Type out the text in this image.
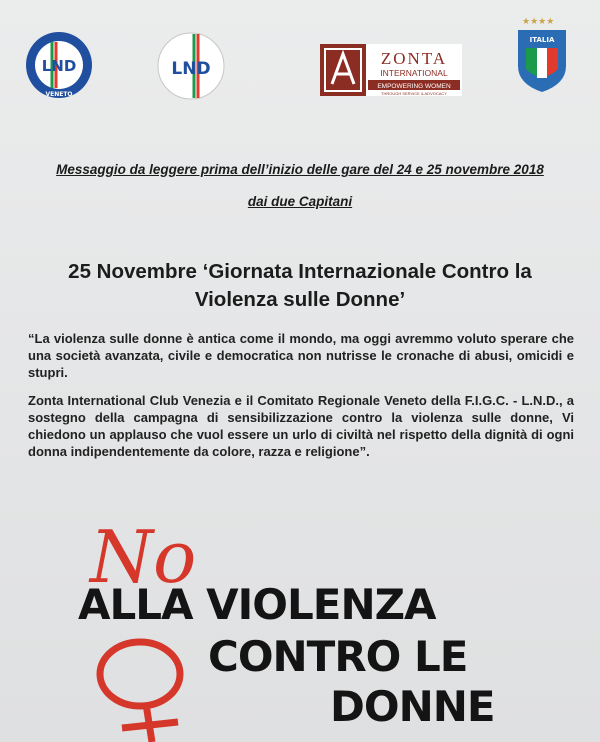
LND
VENETO
LND
ZONTA
INTERNATIONAL
EMPOWERING WOMEN
THROUGH SERVICE & ADVOCACY
★★★★
ITALIA
Messaggio da leggere prima dell’inizio delle gare del 24 e 25 novembre 2018
dai due Capitani
25 Novembre ‘Giornata Internazionale Contro la
Violenza sulle Donne’
“La violenza sulle donne è antica come il mondo, ma oggi avremmo voluto sperare che una società avanzata, civile e democratica non nutrisse le cronache di abusi, omicidi e stupri.
Zonta International Club Venezia e il Comitato Regionale Veneto della F.I.G.C. - L.N.D., a sostegno della campagna di sensibilizzazione contro la violenza sulle donne, Vi chiedono un applauso che vuol essere un urlo di civiltà nel rispetto della dignità di ogni donna indipendentemente da colore, razza e religione”.
No
ALLA VIOLENZA
CONTRO LE
DONNE
